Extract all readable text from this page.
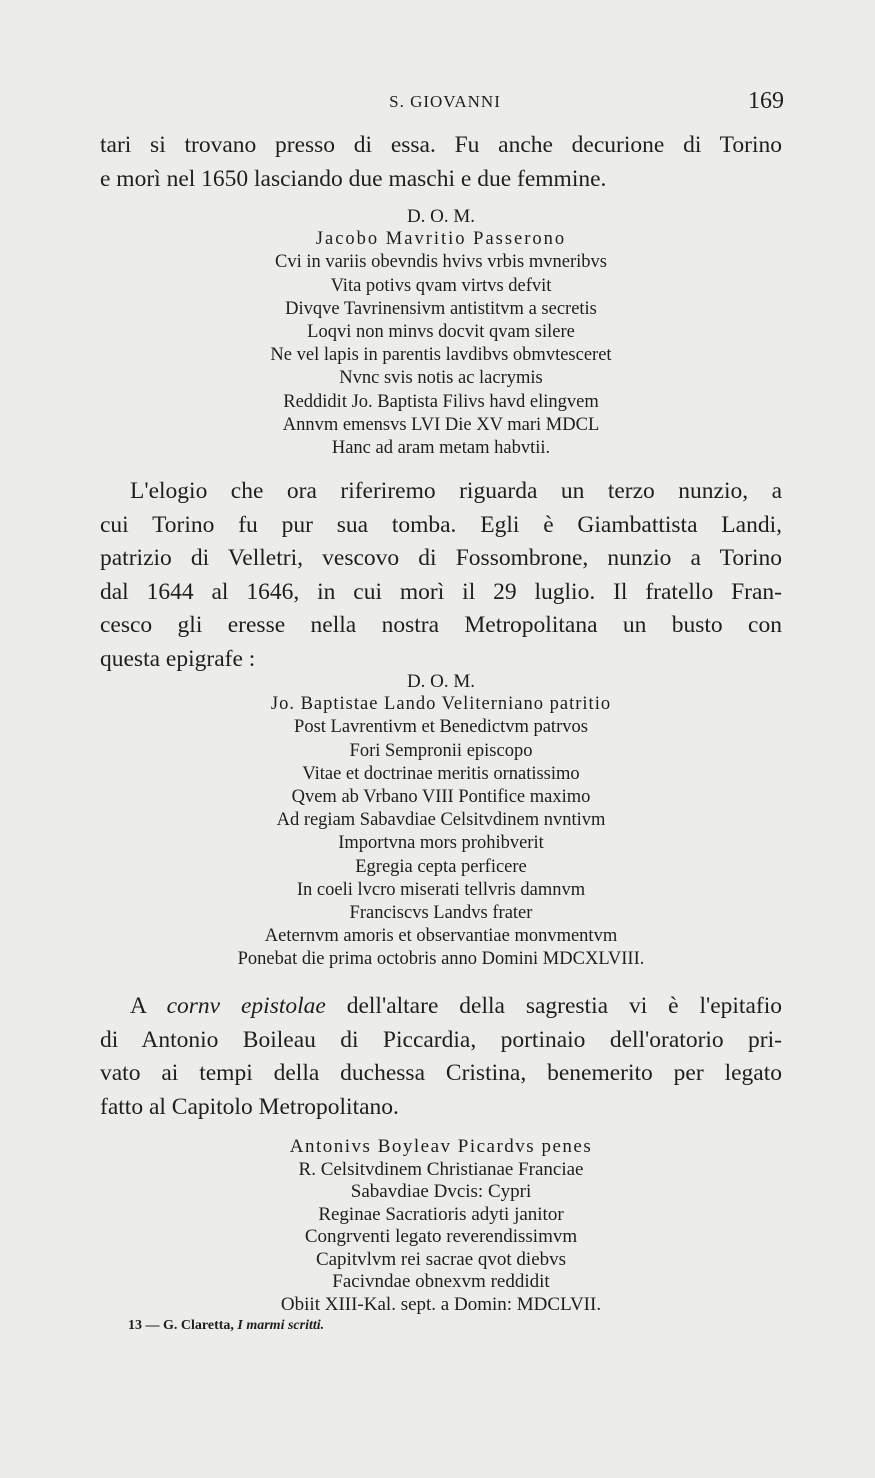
S. GIOVANNI	169

tari si trovano presso di essa. Fu anche decurione di Torino
e morì nel 1650 lasciando due maschi e due femmine.

D. O. M.
Jacobo Mavritio Passerono
Cvi in variis obevndis hvivs vrbis mvneribvs
Vita potivs qvam virtvs defvit
Divqve Tavrinensivm antistitvm a secretis
Loqvi non minvs docvit qvam silere
Ne vel lapis in parentis lavdibvs obmvtesceret
Nvnc svis notis ac lacrymis
Reddidit Jo. Baptista Filivs havd elingvem
Annvm emensvs LVI Die XV mari MDCL
Hanc ad aram metam habvtii.

L'elogio che ora riferiremo riguarda un terzo nunzio, a
cui Torino fu pur sua tomba. Egli è Giambattista Landi,
patrizio di Velletri, vescovo di Fossombrone, nunzio a Torino
dal 1644 al 1646, in cui morì il 29 luglio. Il fratello Fran-
cesco gli eresse nella nostra Metropolitana un busto con
questa epigrafe :

D. O. M.
Jo. Baptistae Lando Veliterniano patritio
Post Lavrentivm et Benedictvm patrvos
Fori Sempronii episcopo
Vitae et doctrinae meritis ornatissimo
Qvem ab Vrbano VIII Pontifice maximo
Ad regiam Sabavdiae Celsitvdinem nvntivm
Importvna mors prohibverit
Egregia cepta perficere
In coeli lvcro miserati tellvris damnvm
Franciscvs Landvs frater
Aeternvm amoris et observantiae monvmentvm
Ponebat die prima octobris anno Domini MDCXLVIII.

A cornv epistolae dell'altare della sagrestia vi è l'epitafio
di Antonio Boileau di Piccardia, portinaio dell'oratorio pri-
vato ai tempi della duchessa Cristina, benemerito per legato
fatto al Capitolo Metropolitano.

Antonivs Boyleav Picardvs penes
R. Celsitvdinem Christianae Franciae
Sabavdiae Dvcis: Cypri
Reginae Sacratioris adyti janitor
Congrventi legato reverendissimvm
Capitvlvm rei sacrae qvot diebvs
Facivndae obnexvm reddidit
Obiit XIII-Kal. sept. a Domin: MDCLVII.
13 — G. Claretta, I marmi scritti.
